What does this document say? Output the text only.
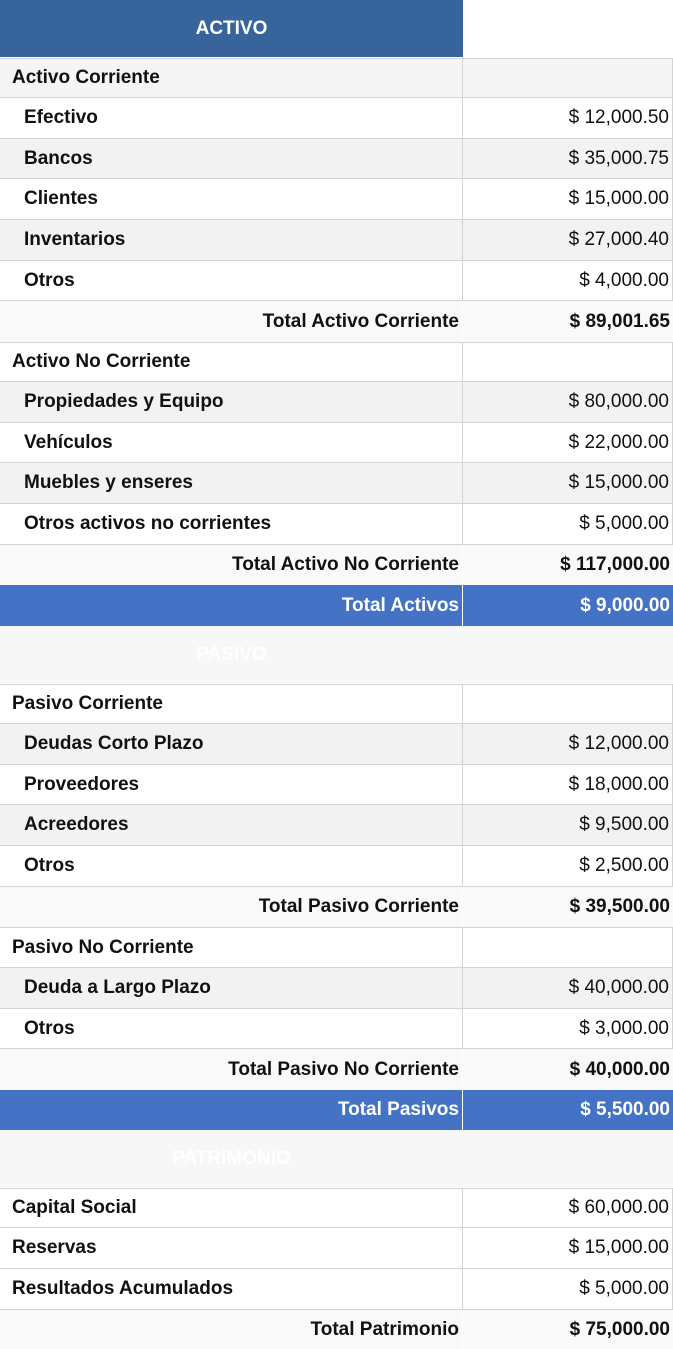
ACTIVO
Activo Corriente
Efectivo	$ 12,000.50
Bancos	$ 35,000.75
Clientes	$ 15,000.00
Inventarios	$ 27,000.40
Otros	$ 4,000.00
Total Activo Corriente	$ 89,001.65
Activo No Corriente
Propiedades y Equipo	$ 80,000.00
Vehículos	$ 22,000.00
Muebles y enseres	$ 15,000.00
Otros activos no corrientes	$ 5,000.00
Total Activo No Corriente	$ 117,000.00
Total Activos	$ 9,000.00
PASIVO
Pasivo Corriente
Deudas Corto Plazo	$ 12,000.00
Proveedores	$ 18,000.00
Acreedores	$ 9,500.00
Otros	$ 2,500.00
Total Pasivo Corriente	$ 39,500.00
Pasivo No Corriente
Deuda a Largo Plazo	$ 40,000.00
Otros	$ 3,000.00
Total Pasivo No Corriente	$ 40,000.00
Total Pasivos	$ 5,500.00
PATRIMONIO
Capital Social	$ 60,000.00
Reservas	$ 15,000.00
Resultados Acumulados	$ 5,000.00
Total Patrimonio	$ 75,000.00
